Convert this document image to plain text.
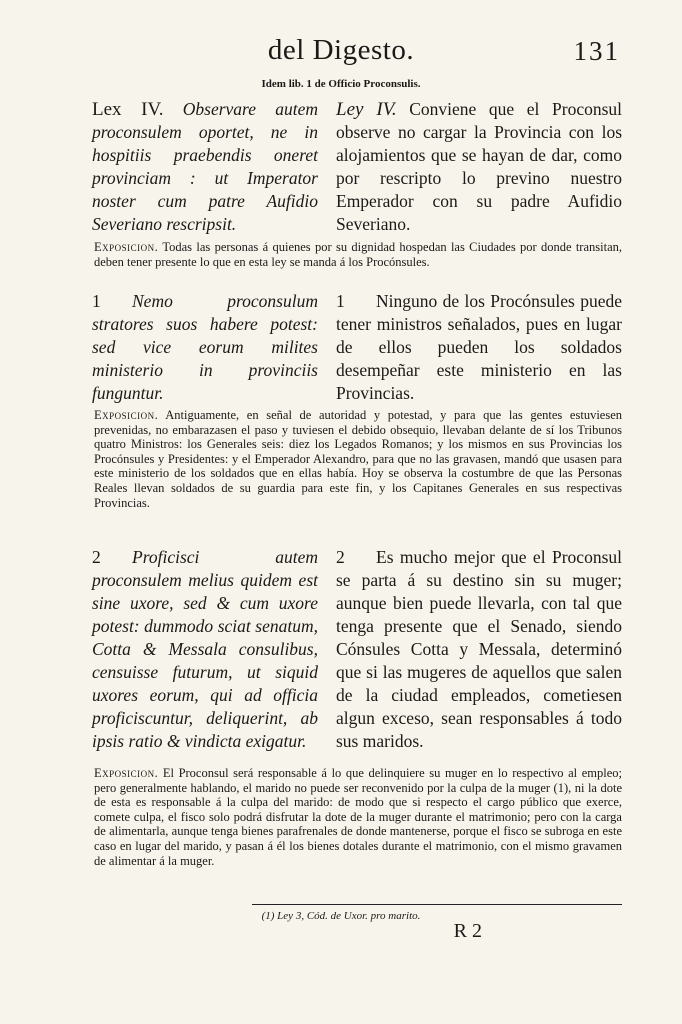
del Digesto.	131
Idem lib. 1 de Officio Proconsulis.
Lex IV. Observare autem proconsulem oportet, ne in hospitiis praebendis oneret provinciam : ut Imperator noster cum patre Aufidio Severiano rescripsit.
Ley IV. Conviene que el Proconsul observe no cargar la Provincia con los alojamientos que se hayan de dar, como por rescripto lo previno nuestro Emperador con su padre Aufidio Severiano.
Exposicion. Todas las personas á quienes por su dignidad hospedan las Ciudades por donde transitan, deben tener presente lo que en esta ley se manda á los Procónsules.
1 Nemo proconsulum stratores suos habere potest: sed vice eorum milites ministerio in provinciis funguntur.
1 Ninguno de los Procónsules puede tener ministros señalados, pues en lugar de ellos pueden los soldados desempeñar este ministerio en las Provincias.
Exposicion. Antiguamente, en señal de autoridad y potestad, y para que las gentes estuviesen prevenidas, no embarazasen el paso y tuviesen el debido obsequio, llevaban delante de sí los Tribunos quatro Ministros: los Generales seis: diez los Legados Romanos; y los mismos en sus Provincias los Procónsules y Presidentes: y el Emperador Alexandro, para que no las gravasen, mandó que usasen para este ministerio de los soldados que en ellas había. Hoy se observa la costumbre de que las Personas Reales llevan soldados de su guardia para este fin, y los Capitanes Generales en sus respectivas Provincias.
2 Proficisci autem proconsulem melius quidem est sine uxore, sed & cum uxore potest: dummodo sciat senatum, Cotta & Messala consulibus, censuisse futurum, ut siquid uxores eorum, qui ad officia proficiscuntur, deliquerint, ab ipsis ratio & vindicta exigatur.
2 Es mucho mejor que el Proconsul se parta á su destino sin su muger; aunque bien puede llevarla, con tal que tenga presente que el Senado, siendo Cónsules Cotta y Messala, determinó que si las mugeres de aquellos que salen de la ciudad empleados, cometiesen algun exceso, sean responsables á todo sus maridos.
Exposicion. El Proconsul será responsable á lo que delinquiere su muger en lo respectivo al empleo; pero generalmente hablando, el marido no puede ser reconvenido por la culpa de la muger (1), ni la dote de esta es responsable á la culpa del marido: de modo que si respecto el cargo público que exerce, comete culpa, el fisco solo podrá disfrutar la dote de la muger durante el matrimonio; pero con la carga de alimentarla, aunque tenga bienes parafrenales de donde mantenerse, porque el fisco se subroga en este caso en lugar del marido, y pasan á él los bienes dotales durante el matrimonio, con el mismo gravamen de alimentar á la muger.
(1) Ley 3, Cód. de Uxor. pro marito.
R 2
